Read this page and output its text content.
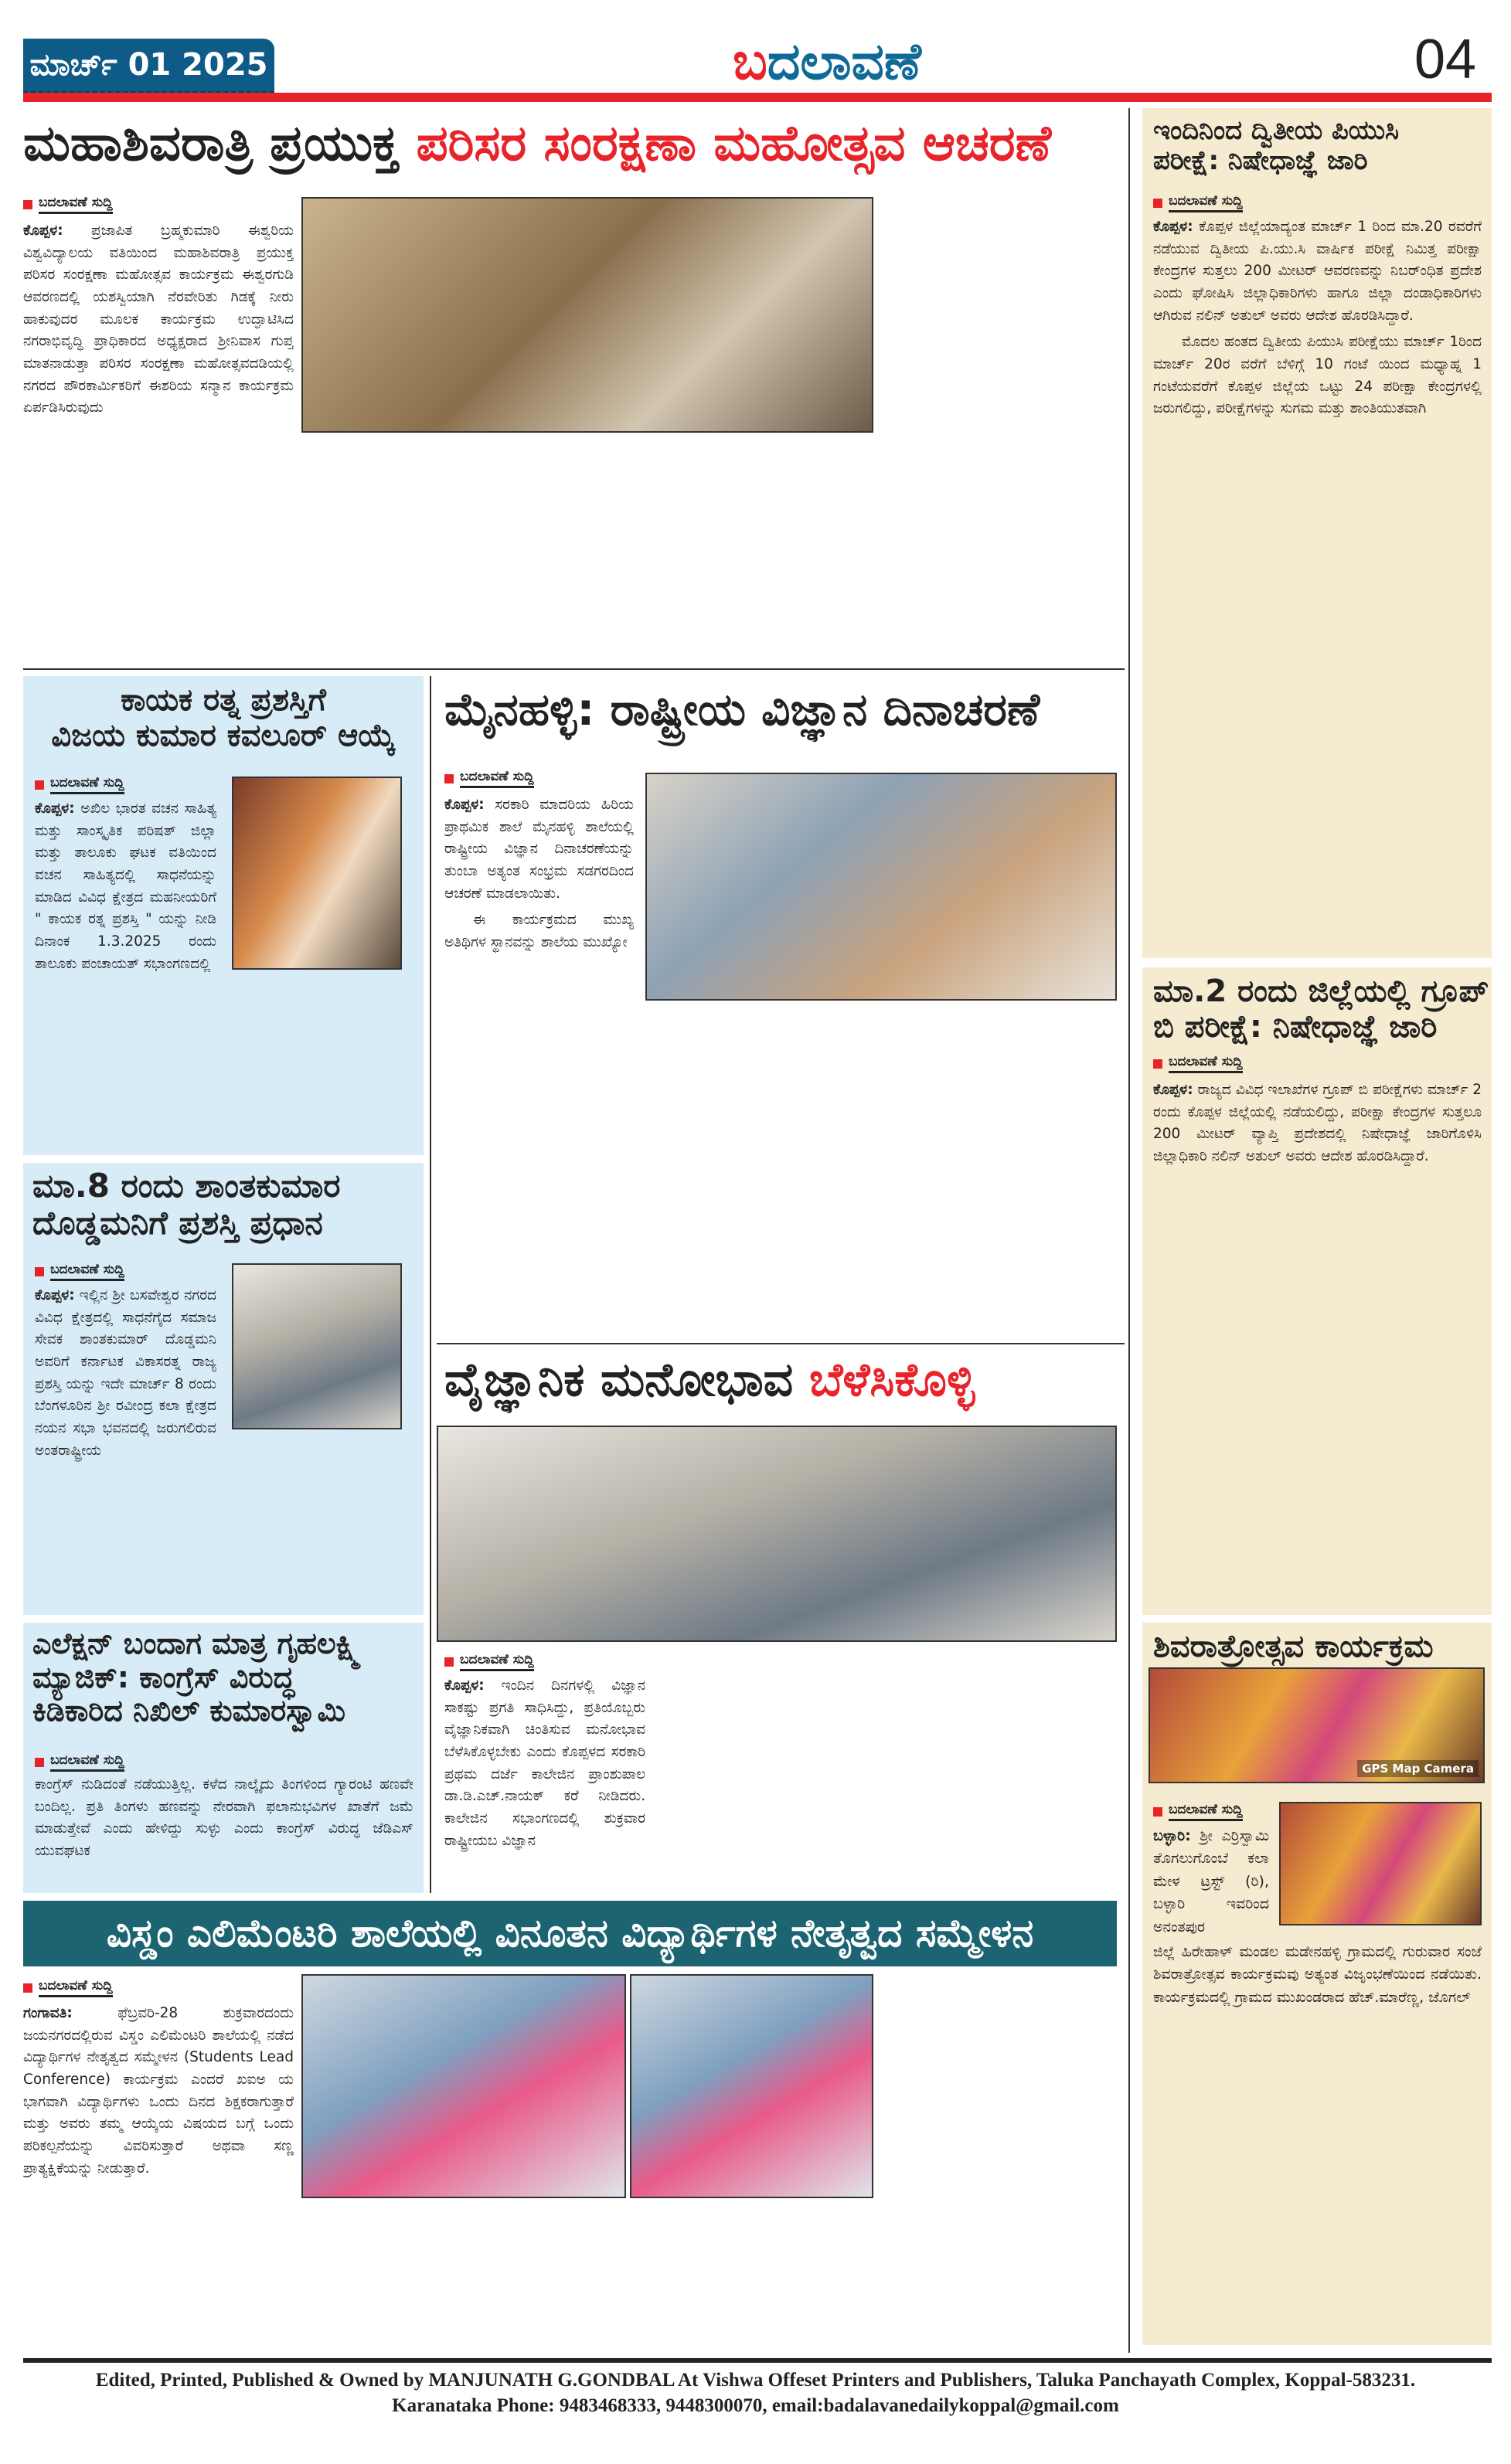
ಮಾರ್ಚ್ 01 2025	ಬದಲಾವಣೆ	04
ಮಹಾಶಿವರಾತ್ರಿ ಪ್ರಯುಕ್ತ ಪರಿಸರ ಸಂರಕ್ಷಣಾ ಮಹೋತ್ಸವ ಆಚರಣೆ
ಬದಲಾವಣೆ ಸುದ್ದಿ

ಕೊಪ್ಪಳ: ಪ್ರಜಾಪಿತ ಬ್ರಹ್ಮಕುಮಾರಿ ಈಶ್ವರಿಯ ವಿಶ್ವವಿದ್ಯಾಲಯ ವತಿಯಿಂದ ಮಹಾಶಿವರಾತ್ರಿ ಪ್ರಯುಕ್ತ ಪರಿಸರ ಸಂರಕ್ಷಣಾ ಮಹೋತ್ಸವ ಕಾರ್ಯಕ್ರಮ ಈಶ್ವರಗುಡಿ ಆವರಣದಲ್ಲಿ ಯಶಸ್ವಿಯಾಗಿ ನೆರವೇರಿತು ಗಿಡಕ್ಕೆ ನೀರು ಹಾಕುವುದರ ಮೂಲಕ ಕಾರ್ಯಕ್ರಮ ಉದ್ಘಾಟಿಸಿದ ನಗರಾಭಿವೃದ್ಧಿ ಪ್ರಾಧಿಕಾರದ ಅಧ್ಯಕ್ಷರಾದ ಶ್ರೀನಿವಾಸ ಗುಪ್ತ ಮಾತನಾಡುತ್ತಾ ಪರಿಸರ ಸಂರಕ್ಷಣಾ ಮಹೋತ್ಸವದಡಿಯಲ್ಲಿ ನಗರದ ಪೌರಕಾರ್ಮಿಕರಿಗೆ ಈಶರಿಯ ಸನ್ಮಾನ ಕಾರ್ಯಕ್ರಮ ಏರ್ಪಡಿಸಿರುವುದು

ಕಾಯಕ ರತ್ನ ಪ್ರಶಸ್ತಿಗೆ
ವಿಜಯ ಕುಮಾರ ಕವಲೂರ್ ಆಯ್ಕೆ
ಬದಲಾವಣೆ ಸುದ್ದಿ

ಕೊಪ್ಪಳ: ಅಖಿಲ ಭಾರತ ವಚನ ಸಾಹಿತ್ಯ ಮತ್ತು ಸಾಂಸ್ಕೃತಿಕ ಪರಿಷತ್ ಜಿಲ್ಲಾ ಮತ್ತು ತಾಲೂಕು ಘಟಕ ವತಿಯಿಂದ ವಚನ ಸಾಹಿತ್ಯದಲ್ಲಿ ಸಾಧನೆಯನ್ನು ಮಾಡಿದ ವಿವಿಧ ಕ್ಷೇತ್ರದ ಮಹನೀಯರಿಗೆ " ಕಾಯಕ ರತ್ನ ಪ್ರಶಸ್ತಿ " ಯನ್ನು ನೀಡಿ ದಿನಾಂಕ 1.3.2025 ರಂದು ತಾಲೂಕು ಪಂಚಾಯತ್ ಸಭಾಂಗಣದಲ್ಲಿ

ಮಾ.8 ರಂದು ಶಾಂತಕುಮಾರ
ದೊಡ್ಡಮನಿಗೆ ಪ್ರಶಸ್ತಿ ಪ್ರಧಾನ
ಬದಲಾವಣೆ ಸುದ್ದಿ

ಕೊಪ್ಪಳ: ಇಲ್ಲಿನ ಶ್ರೀ ಬಸವೇಶ್ವರ ನಗರದ ವಿವಿಧ ಕ್ಷೇತ್ರದಲ್ಲಿ ಸಾಧನೆಗೈದ ಸಮಾಜ ಸೇವಕ ಶಾಂತಕುಮಾರ್ ದೊಡ್ಡಮನಿ ಅವರಿಗೆ ಕರ್ನಾಟಕ ವಿಕಾಸರತ್ನ ರಾಜ್ಯ ಪ್ರಶಸ್ತಿ ಯನ್ನು ಇದೇ ಮಾರ್ಚ್ 8 ರಂದು ಬೆಂಗಳೂರಿನ ಶ್ರೀ ರವೀಂದ್ರ ಕಲಾ ಕ್ಷೇತ್ರದ ನಯನ ಸಭಾ ಭವನದಲ್ಲಿ ಜರುಗಲಿರುವ ಅಂತರಾಷ್ಟ್ರೀಯ

ಎಲೆಕ್ಷನ್ ಬಂದಾಗ ಮಾತ್ರ ಗೃಹಲಕ್ಷ್ಮಿ
ಮ್ಯಾಜಿಕ್: ಕಾಂಗ್ರೆಸ್ ವಿರುದ್ಧ
ಕಿಡಿಕಾರಿದ ನಿಖಿಲ್ ಕುಮಾರಸ್ವಾಮಿ
ಬದಲಾವಣೆ ಸುದ್ದಿ
ಕಾಂಗ್ರೆಸ್ ನುಡಿದಂತೆ ನಡೆಯುತ್ತಿಲ್ಲ. ಕಳೆದ ನಾಲ್ಕೈದು ತಿಂಗಳಿಂದ ಗ್ಯಾರಂಟಿ ಹಣವೇ ಬಂದಿಲ್ಲ. ಪ್ರತಿ ತಿಂಗಳು ಹಣವನ್ನು ನೇರವಾಗಿ ಫಲಾನುಭವಿಗಳ ಖಾತೆಗೆ ಜಮೆ ಮಾಡುತ್ತೇವೆ ಎಂದು ಹೇಳಿದ್ದು ಸುಳ್ಳು ಎಂದು ಕಾಂಗ್ರೆಸ್ ವಿರುದ್ಧ ಜೆಡಿಎಸ್ ಯುವಘಟಕ
ಮೈನಹಳ್ಳಿ: ರಾಷ್ಟ್ರೀಯ ವಿಜ್ಞಾನ ದಿನಾಚರಣೆ
ಬದಲಾವಣೆ ಸುದ್ದಿ

ಕೊಪ್ಪಳ: ಸರಕಾರಿ ಮಾದರಿಯ ಹಿರಿಯ ಪ್ರಾಥಮಿಕ ಶಾಲೆ ಮೈನಹಳ್ಳಿ ಶಾಲೆಯಲ್ಲಿ ರಾಷ್ಟ್ರೀಯ ವಿಜ್ಞಾನ ದಿನಾಚರಣೆಯನ್ನು ತುಂಬಾ ಅತ್ಯಂತ ಸಂಭ್ರಮ ಸಡಗರದಿಂದ ಆಚರಣೆ ಮಾಡಲಾಯಿತು.

ಈ ಕಾರ್ಯಕ್ರಮದ ಮುಖ್ಯ ಅತಿಥಿಗಳ ಸ್ಥಾನವನ್ನು ಶಾಲೆಯ ಮುಖ್ಯೋ

ವೈಜ್ಞಾನಿಕ ಮನೋಭಾವ ಬೆಳೆಸಿಕೊಳ್ಳಿ
ಬದಲಾವಣೆ ಸುದ್ದಿ

ಕೊಪ್ಪಳ: ಇಂದಿನ ದಿನಗಳಲ್ಲಿ ವಿಜ್ಞಾನ ಸಾಕಷ್ಟು ಪ್ರಗತಿ ಸಾಧಿಸಿದ್ದು, ಪ್ರತಿಯೊಬ್ಬರು ವೈಜ್ಞಾನಿಕವಾಗಿ ಚಿಂತಿಸುವ ಮನೋಭಾವ ಬೆಳೆಸಿಕೊಳ್ಳಬೇಕು ಎಂದು ಕೊಪ್ಪಳದ ಸರಕಾರಿ ಪ್ರಥಮ ದರ್ಜೆ ಕಾಲೇಜಿನ ಪ್ರಾಂಶುಪಾಲ ಡಾ.ಡಿ.ಎಚ್.ನಾಯಕ್ ಕರೆ ನೀಡಿದರು. ಕಾಲೇಜಿನ ಸಭಾಂಗಣದಲ್ಲಿ ಶುಕ್ರವಾರ ರಾಷ್ಟ್ರೀಯಬ ವಿಜ್ಞಾನ

ವಿಸ್ಡಂ ಎಲಿಮೆಂಟರಿ ಶಾಲೆಯಲ್ಲಿ ವಿನೂತನ ವಿದ್ಯಾರ್ಥಿಗಳ ನೇತೃತ್ವದ ಸಮ್ಮೇಳನ
ಬದಲಾವಣೆ ಸುದ್ದಿ

ಗಂಗಾವತಿ:	ಫೆಬ್ರವರಿ-28 ಶುಕ್ರವಾರದಂದು ಜಯನಗರದಲ್ಲಿರುವ ವಿಸ್ಡಂ ಎಲಿಮೆಂಟರಿ ಶಾಲೆಯಲ್ಲಿ ನಡೆದ ವಿದ್ಯಾರ್ಥಿಗಳ ನೇತೃತ್ವದ ಸಮ್ಮೇಳನ (Students Lead Conference) ಕಾರ್ಯಕ್ರಮ ಎಂದರೆ ಖಐಅ ಯ ಭಾಗವಾಗಿ ವಿದ್ಯಾರ್ಥಿಗಳು ಒಂದು ದಿನದ ಶಿಕ್ಷಕರಾಗುತ್ತಾರೆ ಮತ್ತು ಅವರು ತಮ್ಮ ಆಯ್ಕೆಯ ವಿಷಯದ ಬಗ್ಗೆ ಒಂದು ಪರಿಕಲ್ಪನೆಯನ್ನು ವಿವರಿಸುತ್ತಾರೆ ಅಥವಾ ಸಣ್ಣ ಪ್ರಾತ್ಯಕ್ಷಿಕೆಯನ್ನು ನೀಡುತ್ತಾರೆ.

ಇಂದಿನಿಂದ ದ್ವಿತೀಯ ಪಿಯುಸಿ
ಪರೀಕ್ಷೆ: ನಿಷೇಧಾಜ್ಞೆ ಜಾರಿ
ಬದಲಾವಣೆ ಸುದ್ದಿ

ಕೊಪ್ಪಳ: ಕೊಪ್ಪಳ ಜಿಲ್ಲೆಯಾದ್ಯಂತ ಮಾರ್ಚ್ 1 ರಿಂದ ಮಾ.20 ರವರೆಗೆ ನಡೆಯುವ ದ್ವಿತೀಯ ಪಿ.ಯು.ಸಿ ವಾರ್ಷಿಕ ಪರೀಕ್ಷೆ ನಿಮಿತ್ತ ಪರೀಕ್ಷಾ ಕೇಂದ್ರಗಳ ಸುತ್ತಲು 200 ಮೀಟರ್ ಆವರಣವನ್ನು ನಿಬರ್ಂಧಿತ ಪ್ರದೇಶ ಎಂದು ಘೋಷಿಸಿ ಜಿಲ್ಲಾಧಿಕಾರಿಗಳು ಹಾಗೂ ಜಿಲ್ಲಾ ದಂಡಾಧಿಕಾರಿಗಳು ಆಗಿರುವ ನಲಿನ್ ಅತುಲ್ ಅವರು ಆದೇಶ ಹೊರಡಿಸಿದ್ದಾರೆ.

ಮೊದಲ ಹಂತದ ದ್ವಿತೀಯ ಪಿಯುಸಿ ಪರೀಕ್ಷೆಯು ಮಾರ್ಚ್ 1ರಿಂದ ಮಾರ್ಚ್ 20ರ ವರೆಗೆ ಬೆಳಿಗ್ಗೆ 10 ಗಂಟೆ ಯಿಂದ ಮಧ್ಯಾಹ್ನ 1 ಗಂಟೆಯವರೆಗೆ ಕೊಪ್ಪಳ ಜಿಲ್ಲೆಯ ಒಟ್ಟು 24 ಪರೀಕ್ಷಾ ಕೇಂದ್ರಗಳಲ್ಲಿ ಜರುಗಲಿದ್ದು, ಪರೀಕ್ಷೆಗಳನ್ನು ಸುಗಮ ಮತ್ತು ಶಾಂತಿಯುತವಾಗಿ

ಮಾ.2 ರಂದು ಜಿಲ್ಲೆಯಲ್ಲಿ ಗ್ರೂಪ್
ಬಿ ಪರೀಕ್ಷೆ: ನಿಷೇಧಾಜ್ಞೆ ಜಾರಿ
ಬದಲಾವಣೆ ಸುದ್ದಿ

ಕೊಪ್ಪಳ: ರಾಜ್ಯದ ವಿವಿಧ ಇಲಾಖೆಗಳ ಗ್ರೂಪ್ ಬಿ ಪರೀಕ್ಷೆಗಳು ಮಾರ್ಚ್ 2 ರಂದು ಕೊಪ್ಪಳ ಜಿಲ್ಲೆಯಲ್ಲಿ ನಡೆಯಲಿದ್ದು, ಪರೀಕ್ಷಾ ಕೇಂದ್ರಗಳ ಸುತ್ತಲೂ 200 ಮೀಟರ್ ವ್ಯಾಪ್ತಿ ಪ್ರದೇಶದಲ್ಲಿ ನಿಷೇಧಾಜ್ಞೆ ಜಾರಿಗೊಳಿಸಿ ಜಿಲ್ಲಾಧಿಕಾರಿ ನಲಿನ್ ಅತುಲ್ ಅವರು ಆದೇಶ ಹೊರಡಿಸಿದ್ದಾರೆ.

ಶಿವರಾತ್ರೋತ್ಸವ ಕಾರ್ಯಕ್ರಮ
GPS Map Camera
ಬದಲಾವಣೆ ಸುದ್ದಿ
ಬಳ್ಳಾರಿ: ಶ್ರೀ ಎರ್ರಿಸ್ವಾಮಿ ತೊಗಲುಗೊಂಬೆ ಕಲಾ ಮೇಳ ಟ್ರಸ್ಟ್ (ರಿ), ಬಳ್ಳಾರಿ ಇವರಿಂದ ಅನಂತಪುರ
ಜಿಲ್ಲೆ ಹಿರೇಹಾಳ್ ಮಂಡಲ ಮಡೇನಹಳ್ಳಿ ಗ್ರಾಮದಲ್ಲಿ ಗುರುವಾರ ಸಂಜೆ ಶಿವರಾತ್ರೋತ್ಸವ ಕಾರ್ಯಕ್ರಮವು ಅತ್ಯಂತ ವಿಜೃಂಭಣೆಯಿಂದ ನಡೆಯಿತು. ಕಾರ್ಯಕ್ರಮದಲ್ಲಿ ಗ್ರಾಮದ ಮುಖಂಡರಾದ ಹೆಚ್.ಮಾರೆಣ್ಣ, ಜೊಗಲ್
Edited, Printed, Published & Owned by MANJUNATH G.GONDBAL At Vishwa Offeset Printers and Publishers, Taluka Panchayath Complex, Koppal-583231.
Karanataka Phone: 9483468333, 9448300070, email:badalavanedailykoppal@gmail.com
